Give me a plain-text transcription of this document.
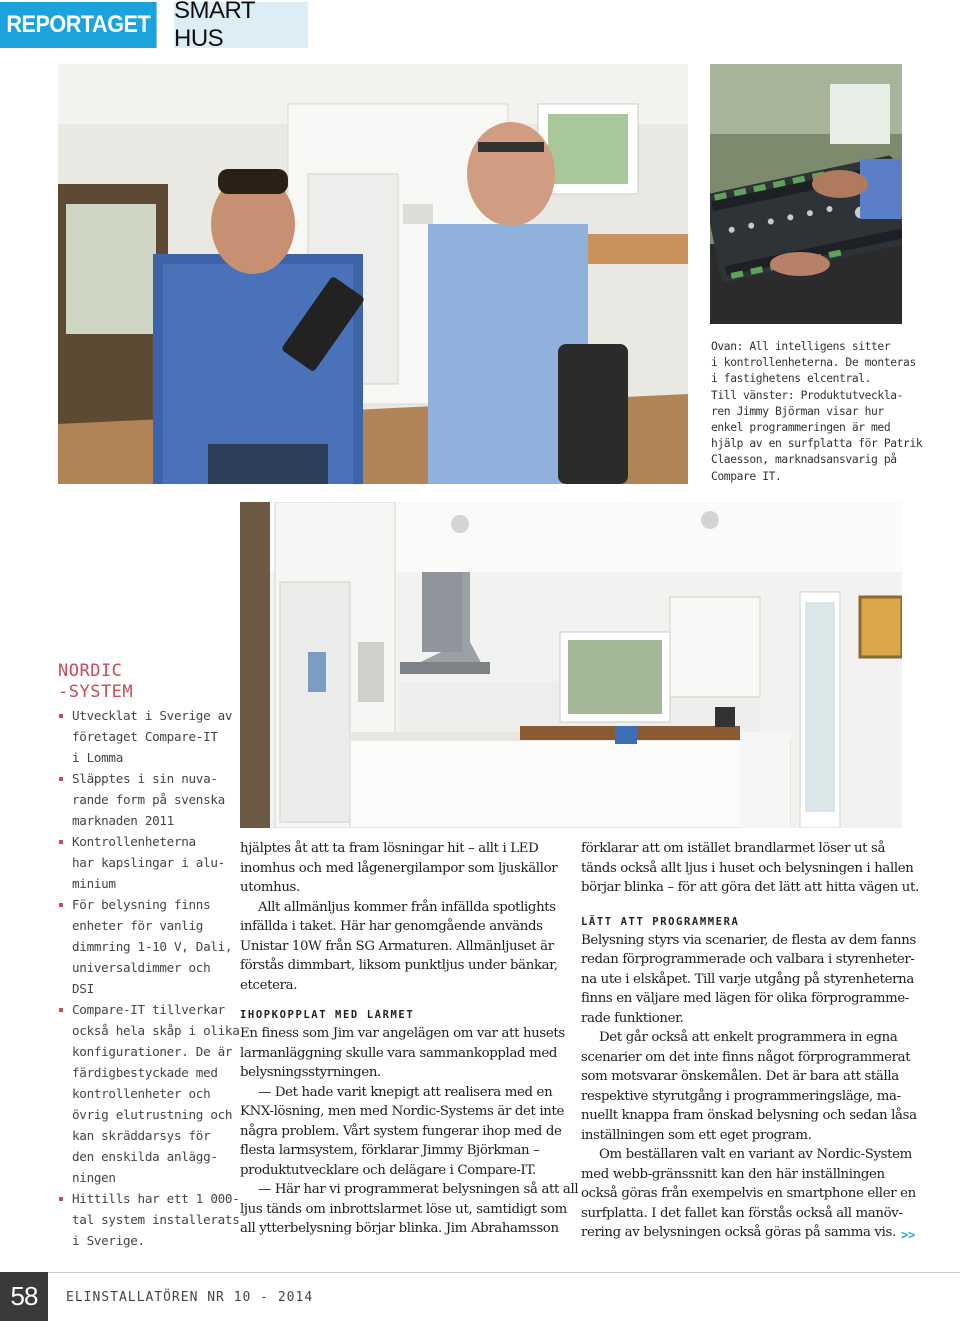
REPORTAGET
SMART HUS
Ovan: All intelligens sitter
i kontrollenheterna. De monteras
i fastighetens elcentral.
Till vänster: Produktutveckla-
ren Jimmy Björman visar hur
enkel programmeringen är med
hjälp av en surfplatta för Patrik
Claesson, marknadsansvarig på
Compare IT.
NORDIC
-SYSTEM
Utvecklat i Sverige av
företaget Compare-IT
i Lomma
Släpptes i sin nuva-
rande form på svenska
marknaden 2011
Kontrollenheterna
har kapslingar i alu-
minium
För belysning finns
enheter för vanlig
dimmring 1-10 V, Dali,
universaldimmer och
DSI
Compare-IT tillverkar
också hela skåp i olika
konfigurationer. De är
färdigbestyckade med
kontrollenheter och
övrig elutrustning och
kan skräddarsys för
den enskilda anlägg-
ningen
Hittills har ett 1 000-
tal system installerats
i Sverige.
hjälptes åt att ta fram lösningar hit – allt i LED
inomhus och med lågenergilampor som ljuskällor
utomhus.
Allt allmänljus kommer från infällda spotlights
infällda i taket. Här har genomgående används
Unistar 10W från SG Armaturen. Allmänljuset är
förstås dimmbart, liksom punktljus under bänkar,
etcetera.
IHOPKOPPLAT MED LARMET
En finess som Jim var angelägen om var att husets
larmanläggning skulle vara sammankopplad med
belysningsstyrningen.
— Det hade varit knepigt att realisera med en
KNX-lösning, men med Nordic-Systems är det inte
några problem. Vårt system fungerar ihop med de
flesta larmsystem, förklarar Jimmy Björkman –
produktutvecklare och delägare i Compare-IT.
— Här har vi programmerat belysningen så att all
ljus tänds om inbrottslarmet löse ut, samtidigt som
all ytterbelysning börjar blinka. Jim Abrahamsson
förklarar att om istället brandlarmet löser ut så
tänds också allt ljus i huset och belysningen i hallen
börjar blinka – för att göra det lätt att hitta vägen ut.
LÄTT ATT PROGRAMMERA
Belysning styrs via scenarier, de flesta av dem fanns
redan förprogrammerade och valbara i styrenheter-
na ute i elskåpet. Till varje utgång på styrenheterna
finns en väljare med lägen för olika förprogramme-
rade funktioner.
Det går också att enkelt programmera in egna
scenarier om det inte finns något förprogrammerat
som motsvarar önskemålen. Det är bara att ställa
respektive styrutgång i programmeringsläge, ma-
nuellt knappa fram önskad belysning och sedan låsa
inställningen som ett eget program.
Om beställaren valt en variant av Nordic-System
med webb-gränssnitt kan den här inställningen
också göras från exempelvis en smartphone eller en
surfplatta. I det fallet kan förstås också all manöv-
rering av belysningen också göras på samma vis. >>
58	ELINSTALLATÖREN NR 10 - 2014
